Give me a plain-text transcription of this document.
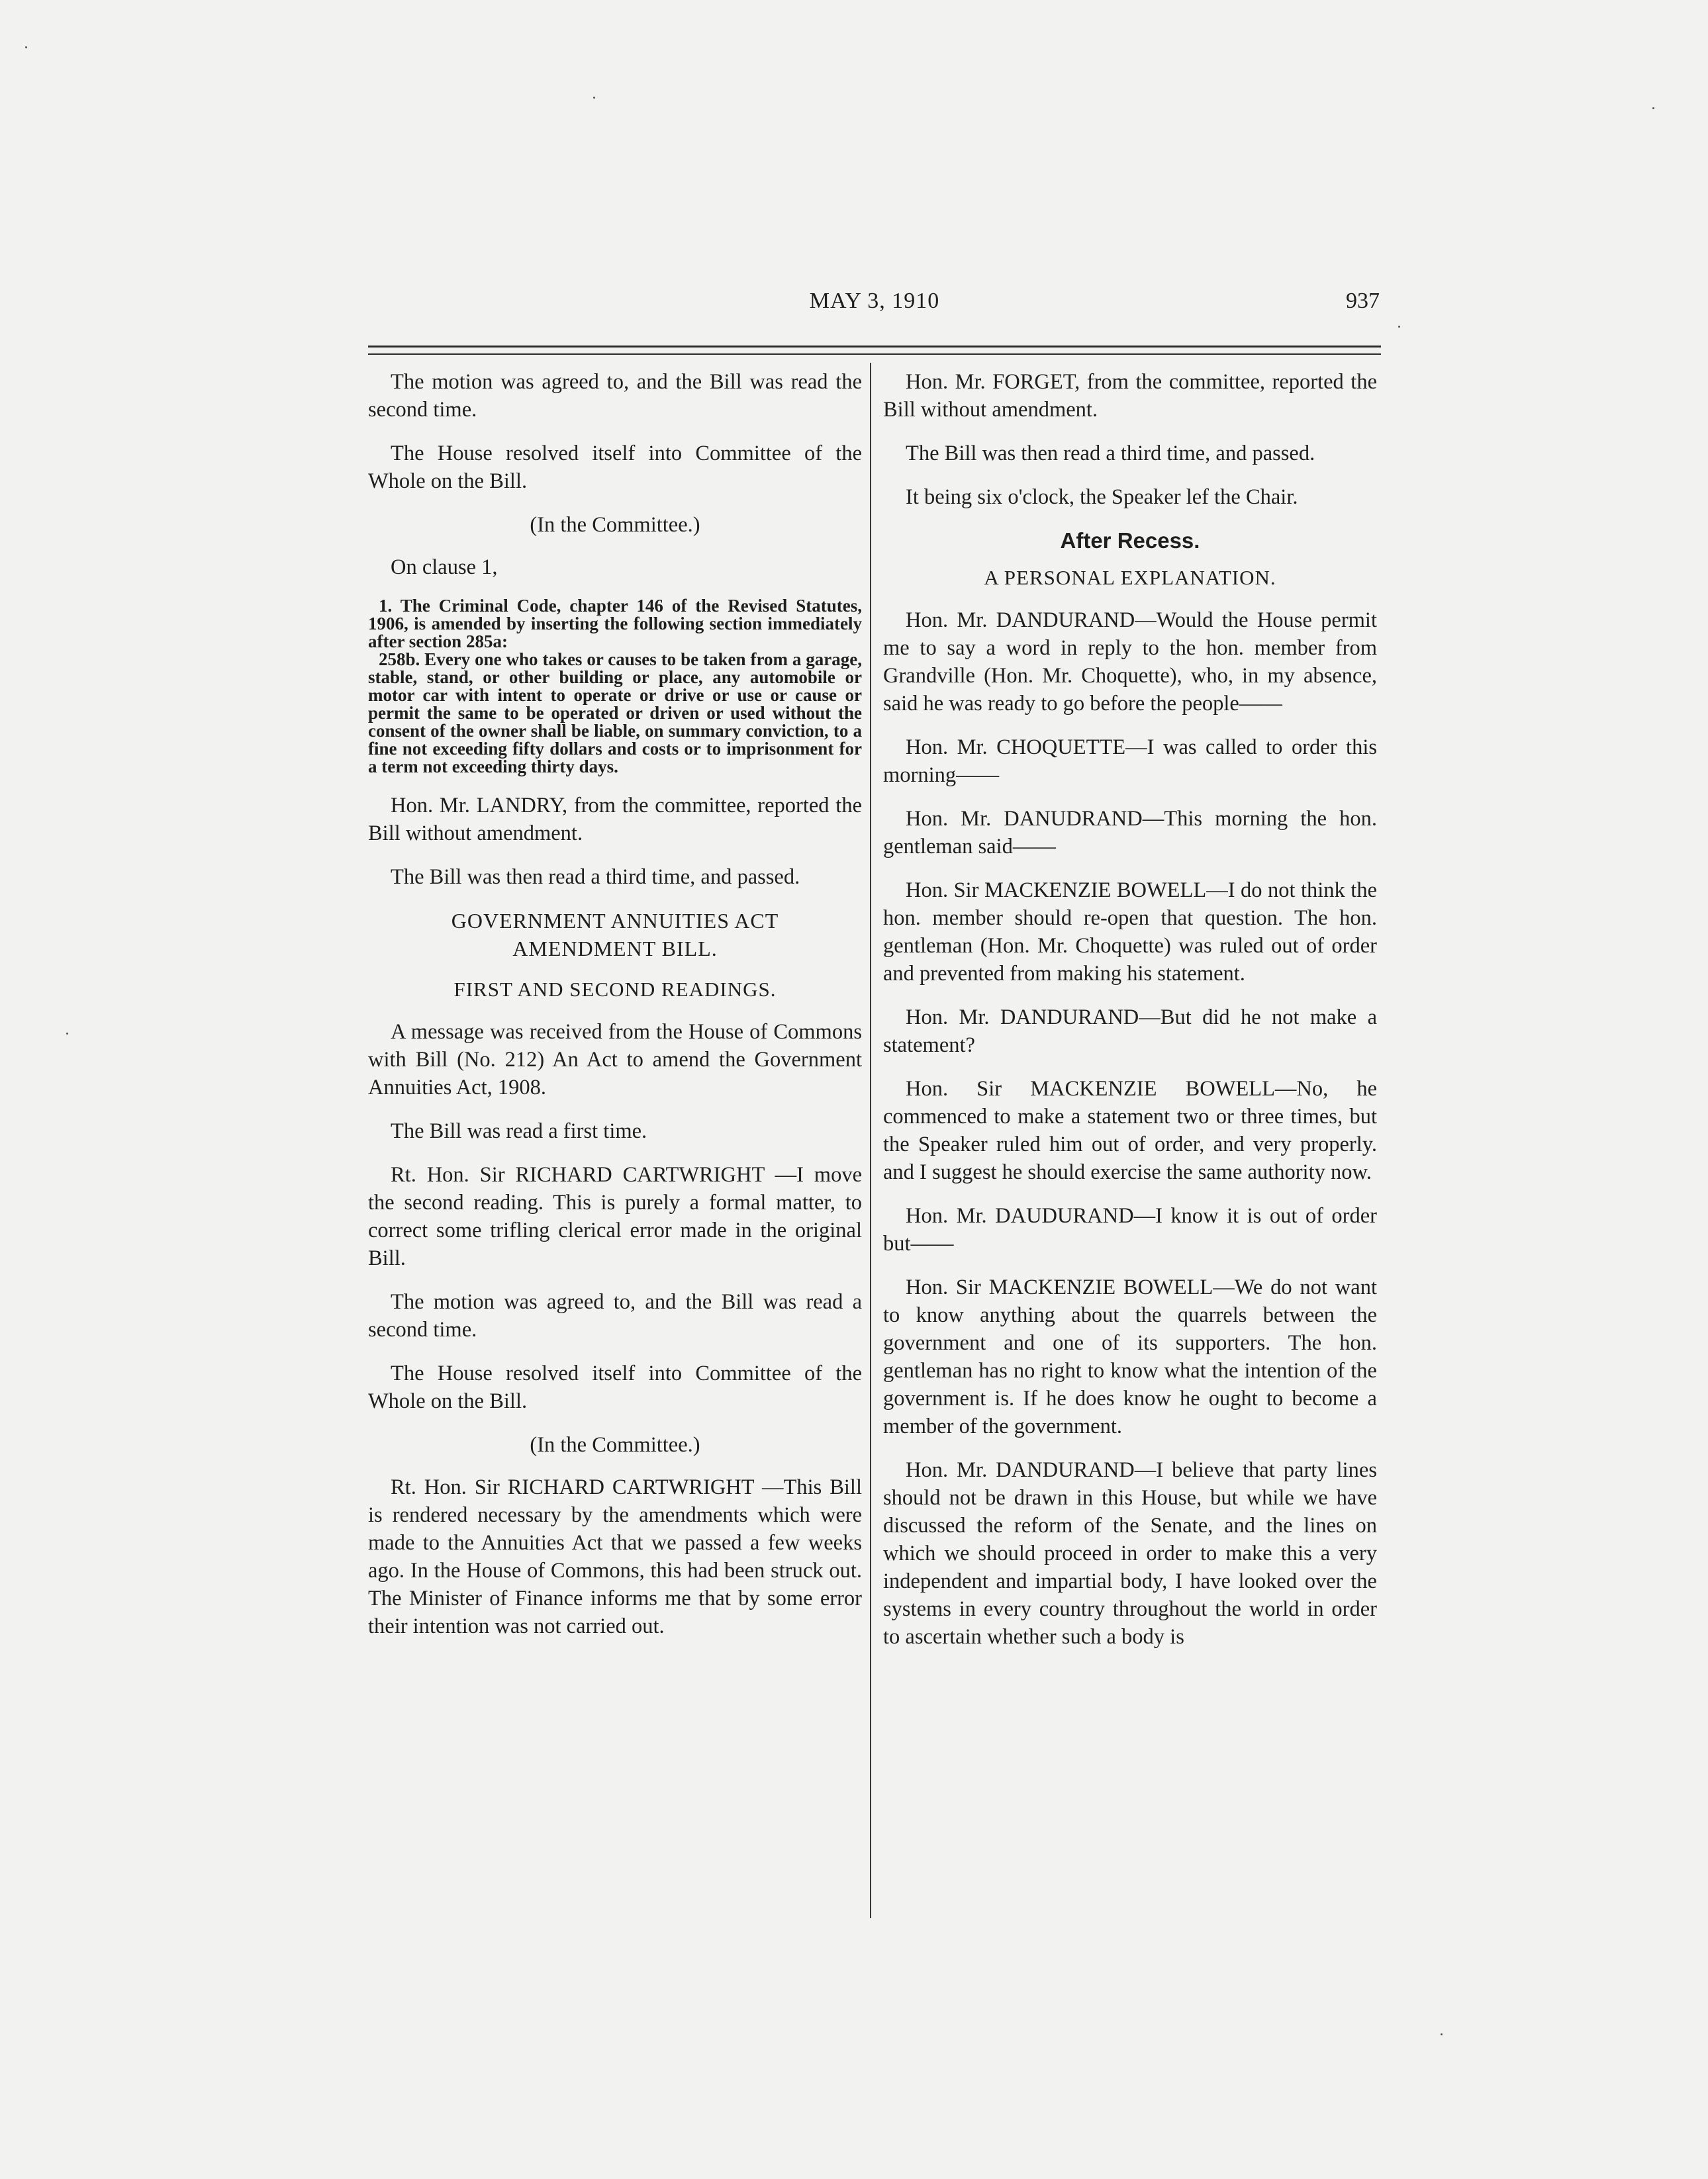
MAY 3, 1910	937

The motion was agreed to, and the Bill was read the second time.

The House resolved itself into Committee of the Whole on the Bill.

(In the Committee.)

On clause 1,

1. The Criminal Code, chapter 146 of the Revised Statutes, 1906, is amended by inserting the following section immediately after section 285a:
258b. Every one who takes or causes to be taken from a garage, stable, stand, or other building or place, any automobile or motor car with intent to operate or drive or use or cause or permit the same to be operated or driven or used without the consent of the owner shall be liable, on summary conviction, to a fine not exceeding fifty dollars and costs or to imprisonment for a term not exceeding thirty days.

Hon. Mr. LANDRY, from the committee, reported the Bill without amendment.

The Bill was then read a third time, and passed.

GOVERNMENT ANNUITIES ACT
AMENDMENT BILL.
FIRST AND SECOND READINGS.

A message was received from the House of Commons with Bill (No. 212) An Act to amend the Government Annuities Act, 1908.

The Bill was read a first time.

Rt. Hon. Sir RICHARD CARTWRIGHT —I move the second reading. This is purely a formal matter, to correct some trifling clerical error made in the original Bill.

The motion was agreed to, and the Bill was read a second time.

The House resolved itself into Committee of the Whole on the Bill.

(In the Committee.)

Rt. Hon. Sir RICHARD CARTWRIGHT —This Bill is rendered necessary by the amendments which were made to the Annuities Act that we passed a few weeks ago. In the House of Commons, this had been struck out. The Minister of Finance informs me that by some error their intention was not carried out.

Hon. Mr. FORGET, from the committee, reported the Bill without amendment.

The Bill was then read a third time, and passed.

It being six o'clock, the Speaker lef the Chair.

After Recess.
A PERSONAL EXPLANATION.

Hon. Mr. DANDURAND—Would the House permit me to say a word in reply to the hon. member from Grandville (Hon. Mr. Choquette), who, in my absence, said he was ready to go before the people——

Hon. Mr. CHOQUETTE—I was called to order this morning——

Hon. Mr. DANUDRAND—This morning the hon. gentleman said——

Hon. Sir MACKENZIE BOWELL—I do not think the hon. member should re-open that question. The hon. gentleman (Hon. Mr. Choquette) was ruled out of order and prevented from making his statement.

Hon. Mr. DANDURAND—But did he not make a statement?

Hon. Sir MACKENZIE BOWELL—No, he commenced to make a statement two or three times, but the Speaker ruled him out of order, and very properly. and I suggest he should exercise the same authority now.

Hon. Mr. DAUDURAND—I know it is out of order but——

Hon. Sir MACKENZIE BOWELL—We do not want to know anything about the quarrels between the government and one of its supporters. The hon. gentleman has no right to know what the intention of the government is. If he does know he ought to become a member of the government.

Hon. Mr. DANDURAND—I believe that party lines should not be drawn in this House, but while we have discussed the reform of the Senate, and the lines on which we should proceed in order to make this a very independent and impartial body, I have looked over the systems in every country throughout the world in order to ascertain whether such a body is
